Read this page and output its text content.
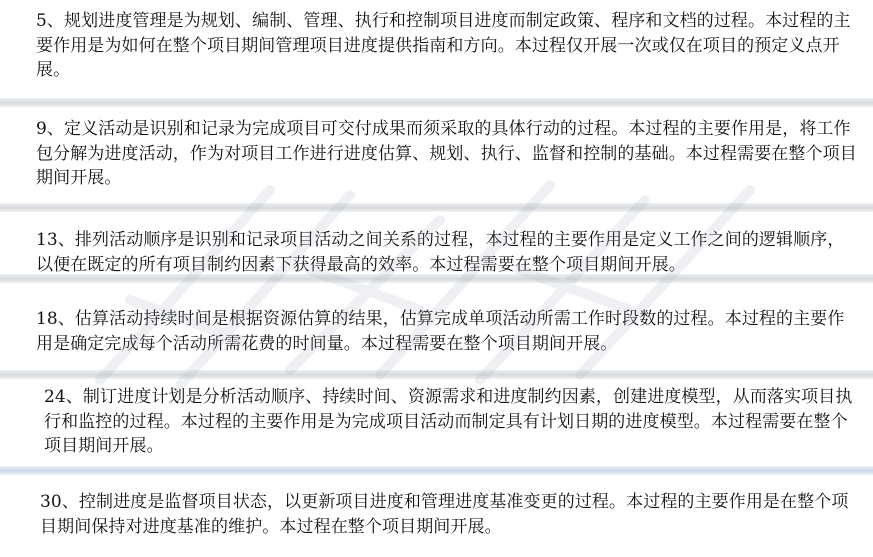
5、规划进度管理是为规划、编制、管理、执行和控制项目进度而制定政策、程序和文档的过程。本过程的主要作用是为如何在整个项目期间管理项目进度提供指南和方向。本过程仅开展一次或仅在项目的预定义点开展。

9、定义活动是识别和记录为完成项目可交付成果而须采取的具体行动的过程。本过程的主要作用是，将工作包分解为进度活动，作为对项目工作进行进度估算、规划、执行、监督和控制的基础。本过程需要在整个项目期间开展。

13、排列活动顺序是识别和记录项目活动之间关系的过程，本过程的主要作用是定义工作之间的逻辑顺序，以便在既定的所有项目制约因素下获得最高的效率。本过程需要在整个项目期间开展。

18、估算活动持续时间是根据资源估算的结果，估算完成单项活动所需工作时段数的过程。本过程的主要作用是确定完成每个活动所需花费的时间量。本过程需要在整个项目期间开展。

24、制订进度计划是分析活动顺序、持续时间、资源需求和进度制约因素，创建进度模型，从而落实项目执行和监控的过程。本过程的主要作用是为完成项目活动而制定具有计划日期的进度模型。本过程需要在整个项目期间开展。

30、控制进度是监督项目状态，以更新项目进度和管理进度基准变更的过程。本过程的主要作用是在整个项目期间保持对进度基准的维护。本过程在整个项目期间开展。
